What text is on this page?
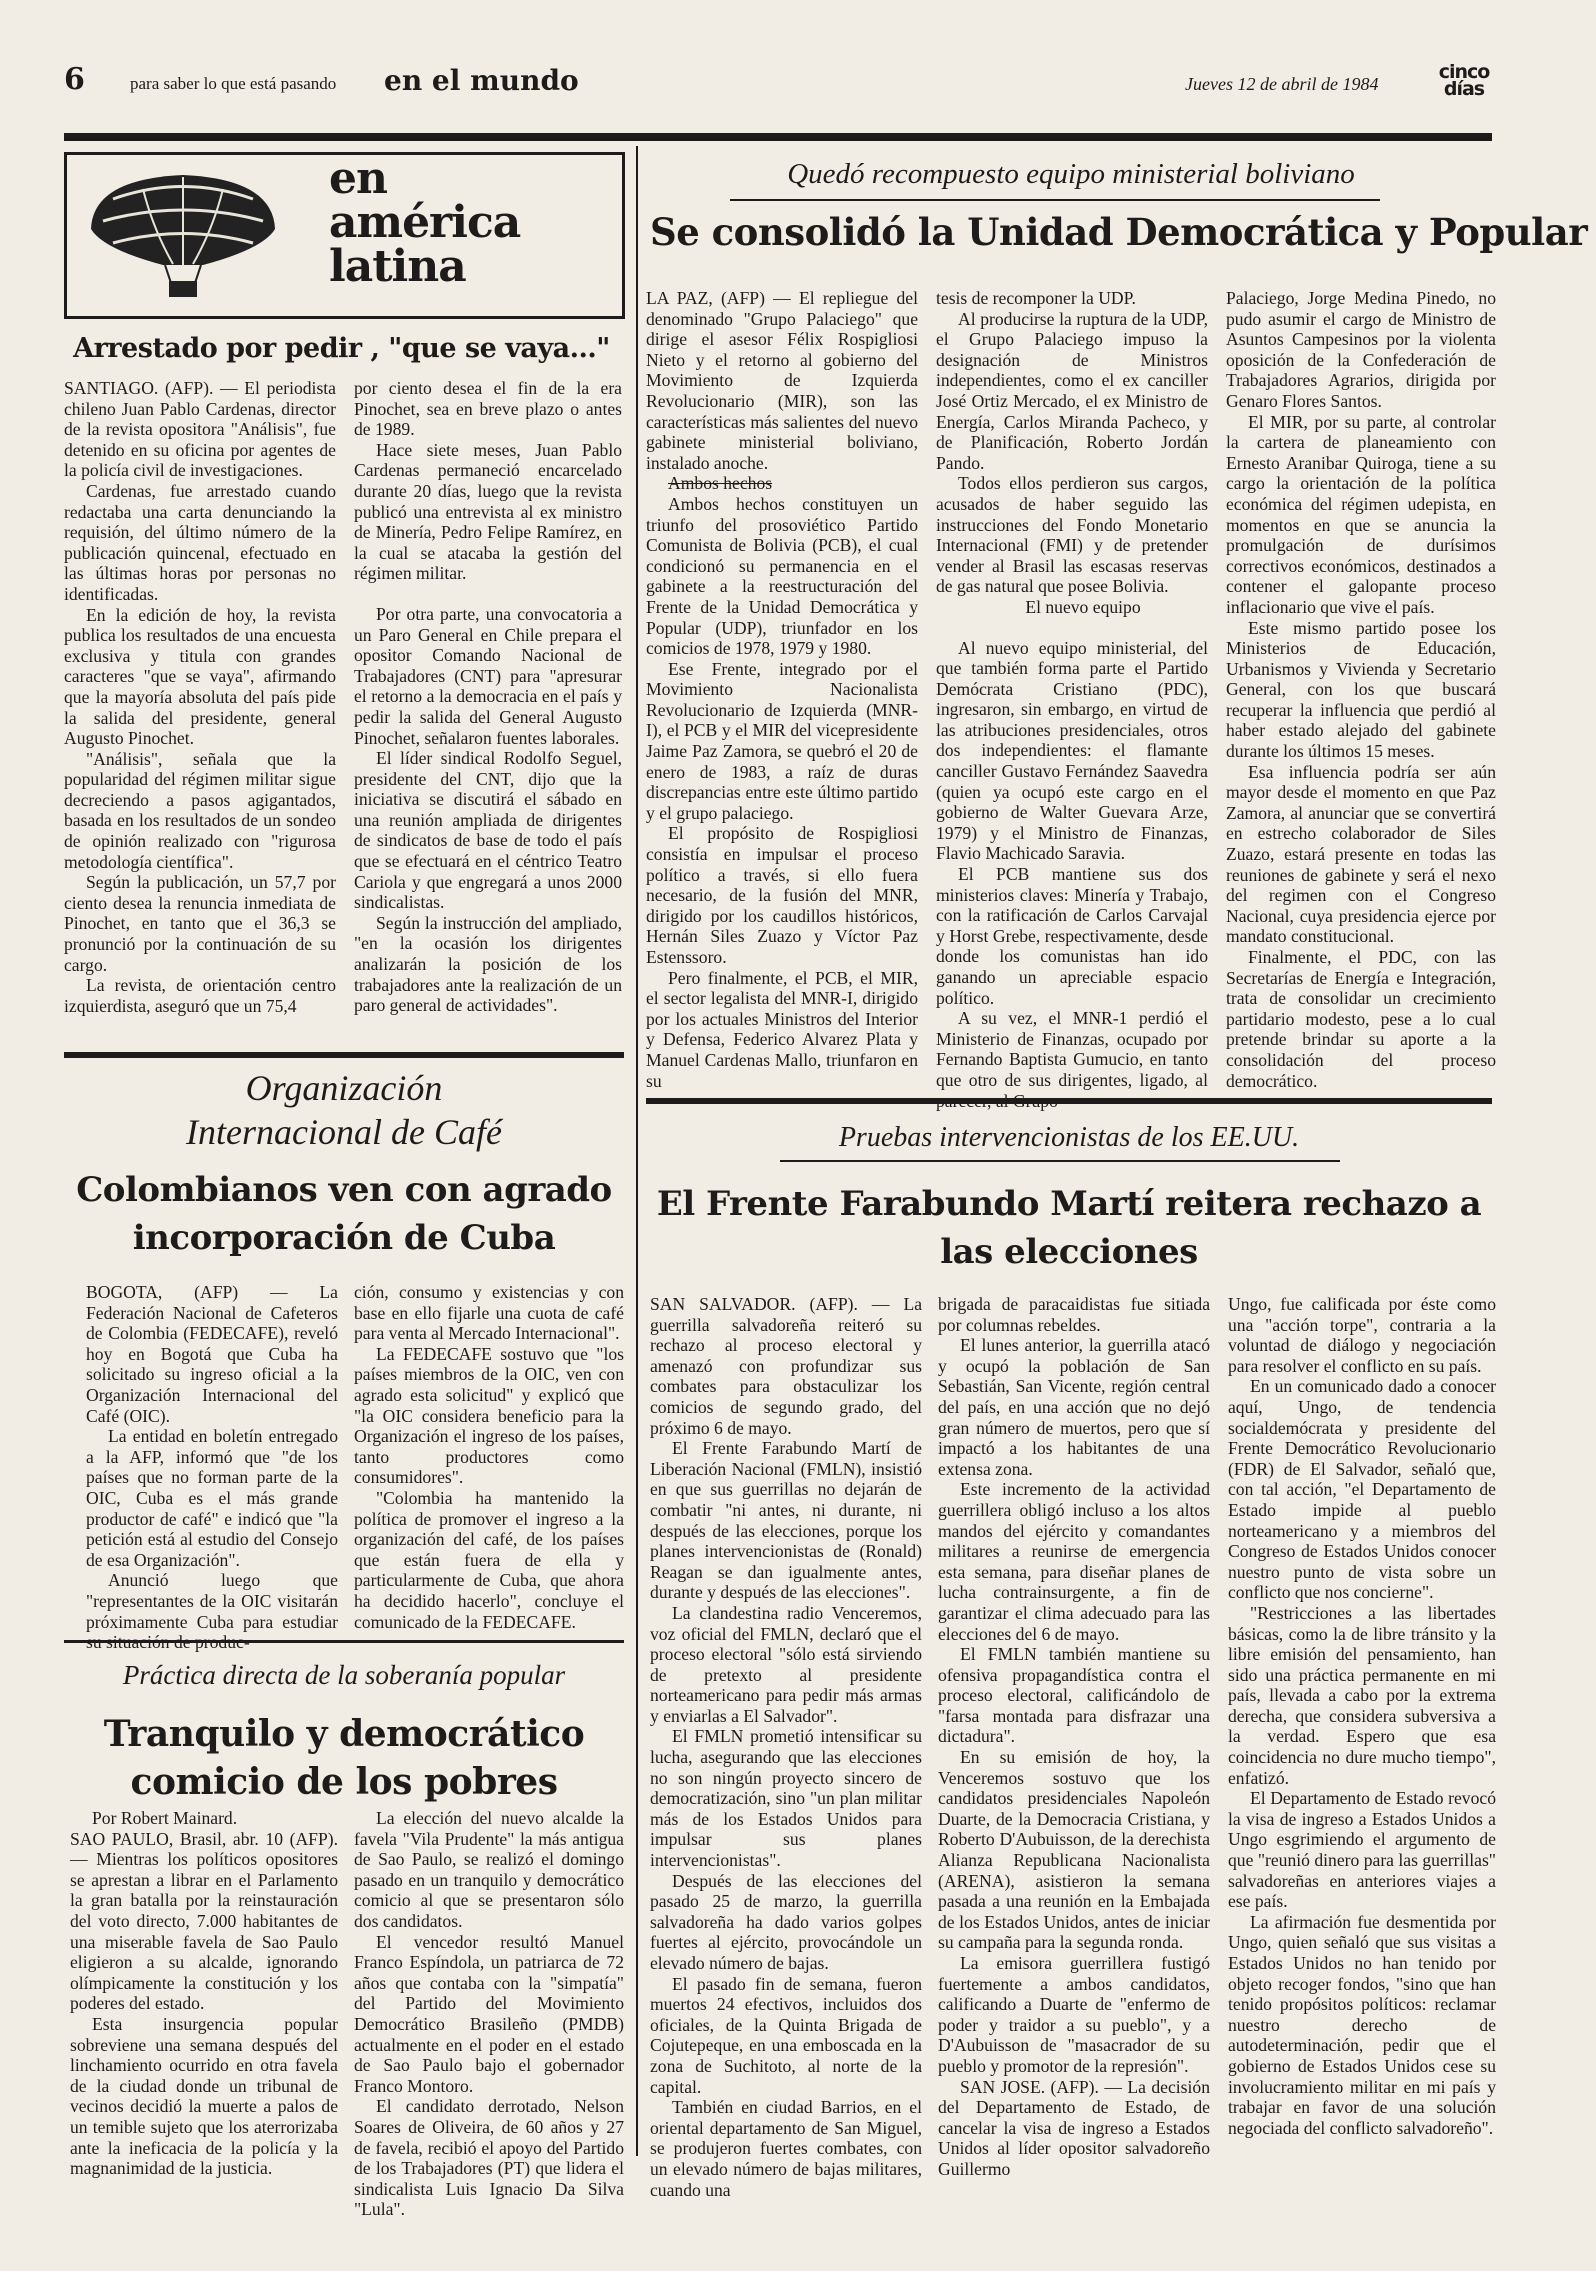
6	para saber lo que está pasando en el mundo	Jueves 12 de abril de 1984
cinco días
en
américa
latina
Arrestado por pedir , "que se vaya..."

SANTIAGO. (AFP). — El periodista chileno Juan Pablo Cardenas, director de la revista opositora "Análisis", fue detenido en su oficina por agentes de la policía civil de investigaciones.

Cardenas, fue arrestado cuando redactaba una carta denunciando la requisión, del último número de la publicación quincenal, efectuado en las últimas horas por personas no identificadas.

En la edición de hoy, la revista publica los resultados de una encuesta exclusiva y titula con grandes caracteres "que se vaya", afirmando que la mayoría absoluta del país pide la salida del presidente, general Augusto Pinochet.

"Análisis", señala que la popularidad del régimen militar sigue decreciendo a pasos agigantados, basada en los resultados de un sondeo de opinión realizado con "rigurosa metodología científica".

Según la publicación, un 57,7 por ciento desea la renuncia inmediata de Pinochet, en tanto que el 36,3 se pronunció por la continuación de su cargo.

La revista, de orientación centro izquierdista, aseguró que un 75,4

por ciento desea el fin de la era Pinochet, sea en breve plazo o antes de 1989.

Hace siete meses, Juan Pablo Cardenas permaneció encarcelado durante 20 días, luego que la revista publicó una entrevista al ex ministro de Minería, Pedro Felipe Ramírez, en la cual se atacaba la gestión del régimen militar.

Por otra parte, una convocatoria a un Paro General en Chile prepara el opositor Comando Nacional de Trabajadores (CNT) para "apresurar el retorno a la democracia en el país y pedir la salida del General Augusto Pinochet, señalaron fuentes laborales.

El líder sindical Rodolfo Seguel, presidente del CNT, dijo que la iniciativa se discutirá el sábado en una reunión ampliada de dirigentes de sindicatos de base de todo el país que se efectuará en el céntrico Teatro Cariola y que engregará a unos 2000 sindicalistas.

Según la instrucción del ampliado, "en la ocasión los dirigentes analizarán la posición de los trabajadores ante la realización de un paro general de actividades".

Quedó recompuesto equipo ministerial boliviano
Se consolidó la Unidad Democrática y Popular

LA PAZ, (AFP) — El repliegue del denominado "Grupo Palaciego" que dirige el asesor Félix Rospigliosi Nieto y el retorno al gobierno del Movimiento de Izquierda Revolucionario (MIR), son las características más salientes del nuevo gabinete ministerial boliviano, instalado anoche.

Ambos hechos

Ambos hechos constituyen un triunfo del prosoviético Partido Comunista de Bolivia (PCB), el cual condicionó su permanencia en el gabinete a la reestructuración del Frente de la Unidad Democrática y Popular (UDP), triunfador en los comicios de 1978, 1979 y 1980.

Ese Frente, integrado por el Movimiento Nacionalista Revolucionario de Izquierda (MNR-I), el PCB y el MIR del vicepresidente Jaime Paz Zamora, se quebró el 20 de enero de 1983, a raíz de duras discrepancias entre este último partido y el grupo palaciego.

El propósito de Rospigliosi consistía en impulsar el proceso político a través, si ello fuera necesario, de la fusión del MNR, dirigido por los caudillos históricos, Hernán Siles Zuazo y Víctor Paz Estenssoro.

Pero finalmente, el PCB, el MIR, el sector legalista del MNR-I, dirigido por los actuales Ministros del Interior y Defensa, Federico Alvarez Plata y Manuel Cardenas Mallo, triunfaron en su

tesis de recomponer la UDP.

Al producirse la ruptura de la UDP, el Grupo Palaciego impuso la designación de Ministros independientes, como el ex canciller José Ortiz Mercado, el ex Ministro de Energía, Carlos Miranda Pacheco, y de Planificación, Roberto Jordán Pando.

Todos ellos perdieron sus cargos, acusados de haber seguido las instrucciones del Fondo Monetario Internacional (FMI) y de pretender vender al Brasil las escasas reservas de gas natural que posee Bolivia.

El nuevo equipo

Al nuevo equipo ministerial, del que también forma parte el Partido Demócrata Cristiano (PDC), ingresaron, sin embargo, en virtud de las atribuciones presidenciales, otros dos independientes: el flamante canciller Gustavo Fernández Saavedra (quien ya ocupó este cargo en el gobierno de Walter Guevara Arze, 1979) y el Ministro de Finanzas, Flavio Machicado Saravia.

El PCB mantiene sus dos ministerios claves: Minería y Trabajo, con la ratificación de Carlos Carvajal y Horst Grebe, respectivamente, desde donde los comunistas han ido ganando un apreciable espacio político.

A su vez, el MNR-1 perdió el Ministerio de Finanzas, ocupado por Fernando Baptista Gumucio, en tanto que otro de sus dirigentes, ligado, al

Palaciego, Jorge Medina Pinedo, no pudo asumir el cargo de Ministro de Asuntos Campesinos por la violenta oposición de la Confederación de Trabajadores Agrarios, dirigida por Genaro Flores Santos.

El MIR, por su parte, al controlar la cartera de planeamiento con Ernesto Aranibar Quiroga, tiene a su cargo la orientación de la política económica del régimen udepista, en momentos en que se anuncia la promulgación de durísimos correctivos económicos, destinados a contener el galopante proceso inflacionario que vive el país.

Este mismo partido posee los Ministerios de Educación, Urbanismos y Vivienda y Secretario General, con los que buscará recuperar la influencia que perdió al haber estado alejado del gabinete durante los últimos 15 meses.

Esa influencia podría ser aún mayor desde el momento en que Paz Zamora, al anunciar que se convertirá en estrecho colaborador de Siles Zuazo, estará presente en todas las reuniones de gabinete y será el nexo del regimen con el Congreso Nacional, cuya presidencia ejerce por mandato constitucional.

Finalmente, el PDC, con las Secretarías de Energía e Integración, trata de consolidar un crecimiento partidario modesto, pese a lo cual pretende brindar su aporte a la consolidación del proceso democrático.

Organización
Internacional de Café
Colombianos ven con agrado
incorporación de Cuba

BOGOTA, (AFP) — La Federación Nacional de Cafeteros de Colombia (FEDECAFE), reveló hoy en Bogotá que Cuba ha solicitado su ingreso oficial a la Organización Internacional del Café (OIC).

La entidad en boletín entregado a la AFP, informó que "de los países que no forman parte de la OIC, Cuba es el más grande productor de café" e indicó que "la petición está al estudio del Consejo de esa Organización".

Anunció luego que "representantes de la OIC visitarán próximamente Cuba para estudiar

ción, consumo y existencias y con base en ello fijarle una cuota de café para venta al Mercado Internacional".

La FEDECAFE sostuvo que "los países miembros de la OIC, ven con agrado esta solicitud" y explicó que "la OIC considera beneficio para la Organización el ingreso de los países, tanto productores como consumidores".

"Colombia ha mantenido la política de promover el ingreso a la organización del café, de los países que están fuera de ella y particularmente de Cuba, que ahora ha decidido hacerlo", concluye el comunicado de la FEDECAFE.

Práctica directa de la soberanía popular
Tranquilo y democrático
comicio de los pobres

Por Robert Mainard.

SAO PAULO, Brasil, abr. 10 (AFP). — Mientras los políticos opositores se aprestan a librar en el Parlamento la gran batalla por la reinstauración del voto directo, 7.000 habitantes de una miserable favela de Sao Paulo eligieron a su alcalde, ignorando olímpicamente la constitución y los poderes del estado.

Esta insurgencia popular sobreviene una semana después del linchamiento ocurrido en otra favela de la ciudad donde un tribunal de vecinos decidió la muerte a palos de un temible sujeto que los aterrorizaba ante la ineficacia de la policía y la magnanimidad de la justicia.

La elección del nuevo alcalde la favela "Vila Prudente" la más antigua de Sao Paulo, se realizó el domingo pasado en un tranquilo y democrático comicio al que se presentaron sólo dos candidatos.

El vencedor resultó Manuel Franco Espíndola, un patriarca de 72 años que contaba con la "simpatía" del Partido del Movimiento Democrático Brasileño (PMDB) actualmente en el poder en el estado de Sao Paulo bajo el gobernador Franco Montoro.

El candidato derrotado, Nelson Soares de Oliveira, de 60 años y 27 de favela, recibió el apoyo del Partido de los Trabajadores (PT) que lidera el sindicalista Luis Ignacio Da Silva "Lula".

Pruebas intervencionistas de los EE.UU.
El Frente Farabundo Martí reitera rechazo a
las elecciones

SAN SALVADOR. (AFP). — La guerrilla salvadoreña reiteró su rechazo al proceso electoral y amenazó con profundizar sus combates para obstaculizar los comicios de segundo grado, del próximo 6 de mayo.

El Frente Farabundo Martí de Liberación Nacional (FMLN), insistió en que sus guerrillas no dejarán de combatir "ni antes, ni durante, ni después de las elecciones, porque los planes intervencionistas de (Ronald) Reagan se dan igualmente antes, durante y después de las elecciones".

La clandestina radio Venceremos, voz oficial del FMLN, declaró que el proceso electoral "sólo está sirviendo de pretexto al presidente norteamericano para pedir más armas y enviarlas a El Salvador".

El FMLN prometió intensificar su lucha, asegurando que las elecciones no son ningún proyecto sincero de democratización, sino "un plan militar más de los Estados Unidos para impulsar sus planes intervencionistas".

Después de las elecciones del pasado 25 de marzo, la guerrilla salvadoreña ha dado varios golpes fuertes al ejército, provocándole un elevado número de bajas.

El pasado fin de semana, fueron muertos 24 efectivos, incluidos dos oficiales, de la Quinta Brigada de Cojutepeque, en una emboscada en la zona de Suchitoto, al norte de la capital.

También en ciudad Barrios, en el oriental departamento de San Miguel, se produjeron fuertes combates, con un elevado número de bajas militares, cuando una

brigada de paracaidistas fue sitiada por columnas rebeldes.

El lunes anterior, la guerrilla atacó y ocupó la población de San Sebastián, San Vicente, región central del país, en una acción que no dejó gran número de muertos, pero que sí impactó a los habitantes de una extensa zona.

Este incremento de la actividad guerrillera obligó incluso a los altos mandos del ejército y comandantes militares a reunirse de emergencia esta semana, para diseñar planes de lucha contrainsurgente, a fin de garantizar el clima adecuado para las elecciones del 6 de mayo.

El FMLN también mantiene su ofensiva propagandística contra el proceso electoral, calificándolo de "farsa montada para disfrazar una dictadura".

En su emisión de hoy, la Venceremos sostuvo que los candidatos presidenciales Napoleón Duarte, de la Democracia Cristiana, y Roberto D'Aubuisson, de la derechista Alianza Republicana Nacionalista (ARENA), asistieron la semana pasada a una reunión en la Embajada de los Estados Unidos, antes de iniciar su campaña para la segunda ronda.

La emisora guerrillera fustigó fuertemente a ambos candidatos, calificando a Duarte de "enfermo de poder y traidor a su pueblo", y a D'Aubuisson de "masacrador de su pueblo y promotor de la represión".

SAN JOSE. (AFP). — La decisión del Departamento de Estado, de cancelar la visa de ingreso a Estados Unidos al líder opositor salvadoreño Guillermo

Ungo, fue calificada por éste como una "acción torpe", contraria a la voluntad de diálogo y negociación para resolver el conflicto en su país.

En un comunicado dado a conocer aquí, Ungo, de tendencia socialdemócrata y presidente del Frente Democrático Revolucionario (FDR) de El Salvador, señaló que, con tal acción, "el Departamento de Estado impide al pueblo norteamericano y a miembros del Congreso de Estados Unidos conocer nuestro punto de vista sobre un conflicto que nos concierne".

"Restricciones a las libertades básicas, como la de libre tránsito y la libre emisión del pensamiento, han sido una práctica permanente en mi país, llevada a cabo por la extrema derecha, que considera subversiva a la verdad. Espero que esa coincidencia no dure mucho tiempo", enfatizó.

El Departamento de Estado revocó la visa de ingreso a Estados Unidos a Ungo esgrimiendo el argumento de que "reunió dinero para las guerrillas" salvadoreñas en anteriores viajes a ese país.

La afirmación fue desmentida por Ungo, quien señaló que sus visitas a Estados Unidos no han tenido por objeto recoger fondos, "sino que han tenido propósitos políticos: reclamar nuestro derecho de autodeterminación, pedir que el gobierno de Estados Unidos cese su involucramiento militar en mi país y trabajar en favor de una solución negociada del conflicto salvadoreño".
